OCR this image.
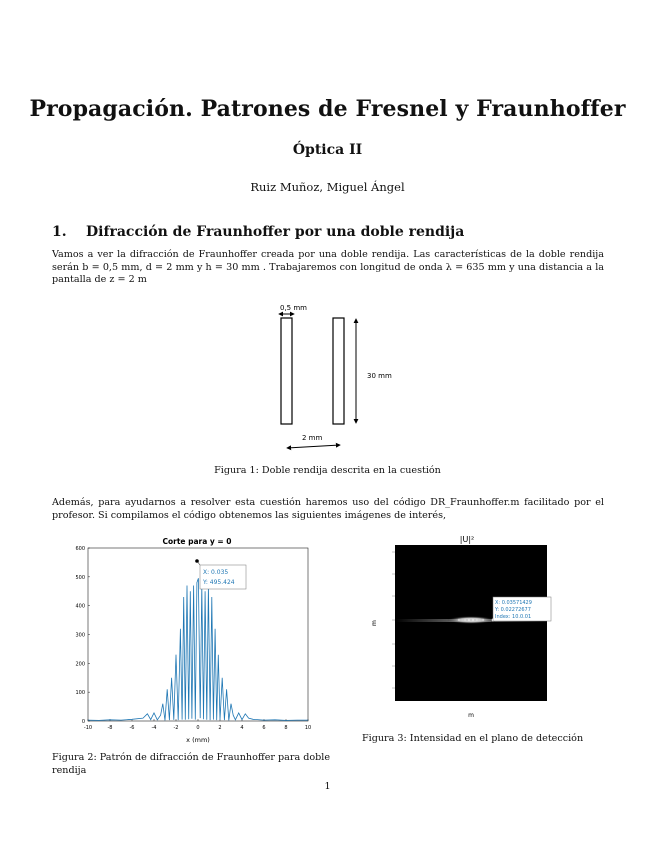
Propagación. Patrones de Fresnel y Fraunhoffer
Óptica II
Ruiz Muñoz, Miguel Ángel
1. Difracción de Fraunhoffer por una doble rendija
Vamos a ver la difracción de Fraunhoffer creada por una doble rendija. Las características de la doble rendija serán b = 0,5 mm, d = 2 mm y h = 30 mm . Trabajaremos con longitud de onda λ = 635 mm y una distancia a la pantalla de z = 2 m
0,5 mm
30 mm
2 mm
Figura 1: Doble rendija descrita en la cuestión
Además, para ayudarnos a resolver esta cuestión haremos uso del código DR_Fraunhoffer.m facilitado por el profesor. Si compilamos el código obtenemos las siguientes imágenes de interés,
Corte para y = 0
-10	-8	-6	-4	-2	0	2	4	6	8	10
0
100
200
300
400
500
600
X: 0.035
Y: 495.424
x (mm)
Figura 2: Patrón de difracción de Fraunhoffer para doble rendija
|U|²
X: 0.03571429
Y: 0.02272677
Index: 10.0.01
m
m
Figura 3: Intensidad en el plano de detección
1
